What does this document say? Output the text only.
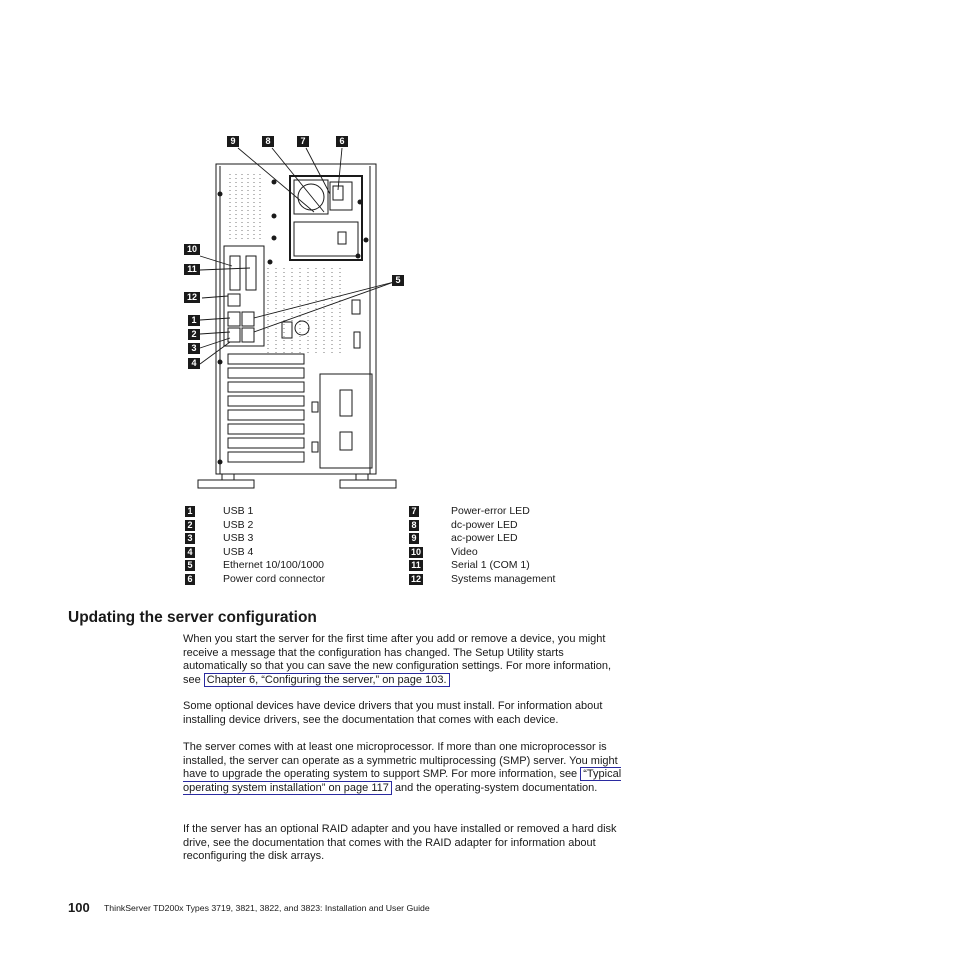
9	8	7	6
10
11
12
1
2
3
4
5
1	USB 1
2	USB 2
3	USB 3
4	USB 4
5	Ethernet 10/100/1000
6	Power cord connector
7	Power-error LED
8	dc-power LED
9	ac-power LED
10	Video
11	Serial 1 (COM 1)
12	Systems management
Updating the server configuration

When you start the server for the first time after you add or remove a device, you might receive a message that the configuration has changed. The Setup Utility starts automatically so that you can save the new configuration settings. For more information, see Chapter 6, “Configuring the server,” on page 103.

Some optional devices have device drivers that you must install. For information about installing device drivers, see the documentation that comes with each device.

The server comes with at least one microprocessor. If more than one microprocessor is installed, the server can operate as a symmetric multiprocessing (SMP) server. You might have to upgrade the operating system to support SMP. For more information, see “Typical operating system installation” on page 117 and the operating-system documentation.

If the server has an optional RAID adapter and you have installed or removed a hard disk drive, see the documentation that comes with the RAID adapter for information about reconfiguring the disk arrays.

100 ThinkServer TD200x Types 3719, 3821, 3822, and 3823: Installation and User Guide
